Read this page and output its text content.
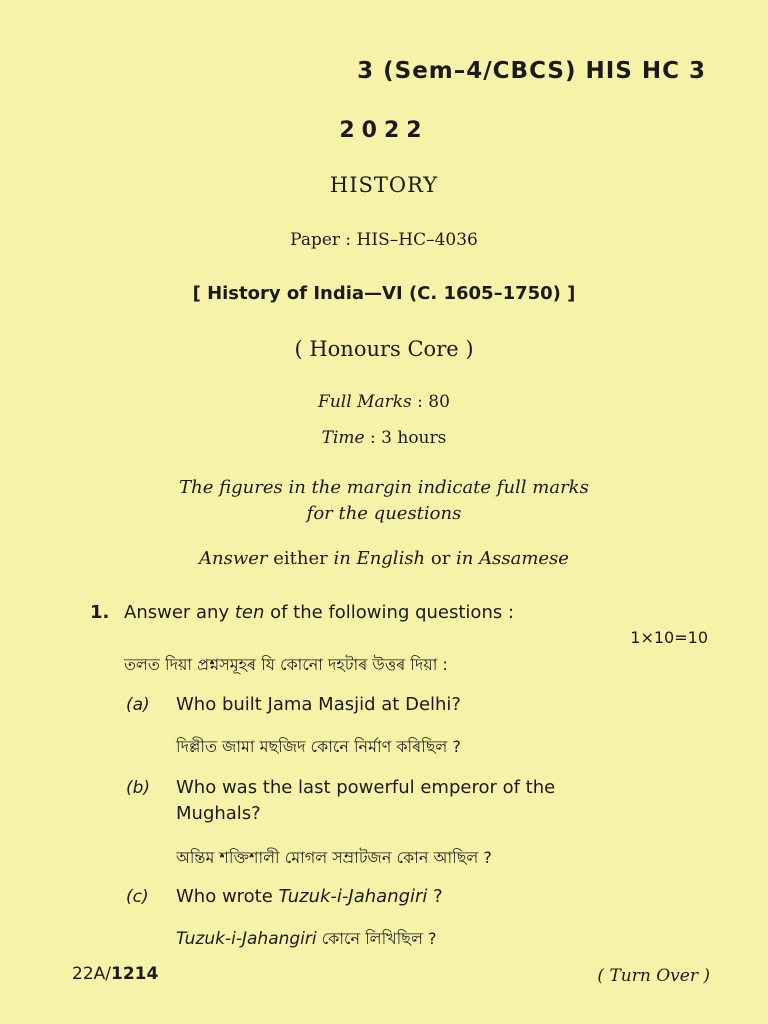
3 (Sem–4/CBCS) HIS HC 3
2022
HISTORY
Paper : HIS–HC–4036
[ History of India—VI (C. 1605–1750) ]
( Honours Core )
Full Marks : 80
Time : 3 hours
The figures in the margin indicate full marks
for the questions
Answer either in English or in Assamese
1. Answer any ten of the following questions :
1×10=10
তলত দিয়া প্ৰশ্নসমূহৰ যি কোনো দহটাৰ উত্তৰ দিয়া :
(a) Who built Jama Masjid at Delhi?
দিল্লীত জামা মছজিদ কোনে নিৰ্মাণ কৰিছিল ?
(b) Who was the last powerful emperor of the
Mughals?
অন্তিম শক্তিশালী মোগল সম্ৰাটজন কোন আছিল ?
(c) Who wrote Tuzuk-i-Jahangiri ?
Tuzuk-i-Jahangiri কোনে লিখিছিল ?
22A/1214	( Turn Over )
